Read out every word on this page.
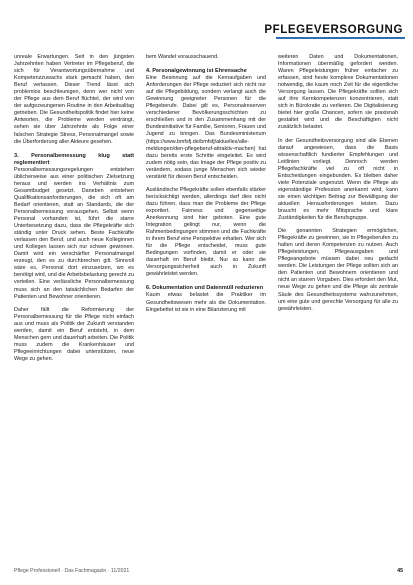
PFLEGEVERSORGUNG

unreale Erwartungen. Seit in den jüngsten Jahrzehnten haben Vertreter im Pflegeberuf, die sich für Verantwortungsübernahme und Kompetenzzuwachs stark gemacht haben, den Beruf verlassen. Dieser Trend lässt sich problemlos beschleunigen, denn wer nicht von der Pflege aus dem Beruf flüchtet, der wird von der aufgezwungenen Routine in den Arbeitsalltag getrieben. Die Gesundheitspolitik findet hier keine Antworten, die Probleme werden verdrängt, sehen sie über Jahrzehnte als Folge einer falschen Strategie Stress, Personalmangel sowie die Überforderung aller Akteure gesehen.

3. Personalbemessung klug statt reglementiert

Personalbemessungsregelungen entstehen üblicherweise aus einer politischen Zielsetzung heraus und werden ins Verhältnis zum Gesamtbudget gesetzt. Daneben entstehen Qualifikationsanforderungen, die sich oft am Bedarf orientieren, statt an Standards, die der Personalbemessung vorausgehen. Selbst wenn Personal vorhanden ist, führt die starre Unterbesetzung dazu, dass die Pflegekräfte sich ständig unter Druck sehen. Beste Fachkräfte verlassen den Beruf, und auch neue Kolleginnen und Kollegen lassen sich nur schwer gewinnen. Damit wird ein verschärfter Personalmangel erzeugt, den es zu durchbrechen gilt. Sinnvoll wäre es, Personal dort einzusetzen, wo es benötigt wird, und die Arbeitsbelastung gerecht zu verteilen. Eine verlässliche Personalbemessung muss sich an den tatsächlichen Bedarfen der Patienten und Bewohner orientieren.

Daher fällt die Reformierung der Personalbemessung für die Pflege nicht einfach aus und muss als Politik der Zukunft verstanden werden, damit ein Beruf entsteht, in dem Menschen gern und dauerhaft arbeiten. Die Politik muss zudem die Krankenhäuser und Pflegeeinrichtungen dabei unterstützen, neue Wege zu gehen.

bem Wandel vorausschauend.

4. Personalgewinnung ist Ehrensache

Eine Besinnung auf die Kernaufgaben und Anforderungen der Pflege reduziert sich nicht nur auf die Pflegebildung, sondern verlangt auch die Gewinnung geeigneter Personen für die Pflegeberufe. Dabei gilt es, Personalreserven verschiedener Bevölkerungsschichten zu erschließen und in den Zusammenhang mit der Bundesinitiative für Familie, Senioren, Frauen und Jugend zu bringen. Das Bundesministerium (https://www.bmfsfj.de/bmfsfj/aktuelles/alle-meldungen/den-pflegeberuf-attraktiv-machen) hat dazu bereits erste Schritte eingeleitet. Es wird zudem nötig sein, das Image der Pflege positiv zu verändern, sodass junge Menschen sich wieder verstärkt für diesen Beruf entscheiden.

Ausländische Pflegekräfte sollen ebenfalls stärker berücksichtigt werden, allerdings darf dies nicht dazu führen, dass man die Probleme der Pflege exportiert. Fairness und gegenseitige Anerkennung sind hier geboten. Eine gute Integration gelingt nur, wenn die Rahmenbedingungen stimmen und die Fachkräfte in ihrem Beruf eine Perspektive erhalten. Wer sich für die Pflege entscheidet, muss gute Bedingungen vorfinden, damit er oder sie dauerhaft im Beruf bleibt. Nur so kann die Versorgungssicherheit auch in Zukunft gewährleistet werden.

6. Dokumentation und Datenmüll reduzieren

Kaum etwas belastet die Praktiker im Gesundheitswesen mehr als die Dokumentation. Eingebettet ist sie in eine Bilanzierung mit

weiteren Daten und Dokumentationen, Informationen übermäßig gefordert werden. Waren Pflegeleistungen früher einfacher zu erfassen, sind heute komplexe Dokumentationen notwendig, die kaum noch Zeit für die eigentliche Versorgung lassen. Die Pflegekräfte sollten sich auf ihre Kernkompetenzen konzentrieren, statt sich in Bürokratie zu verlieren. Die Digitalisierung bietet hier große Chancen, sofern sie praxisnah gestaltet wird und die Beschäftigten nicht zusätzlich belastet.

In der Gesundheitsversorgung sind alle Ebenen darauf angewiesen, dass die Basis wissenschaftlich fundierter Empfehlungen und Leitlinien vorliegt. Dennoch werden Pflegefachkräfte viel zu oft nicht in Entscheidungen eingebunden. Es bleiben daher viele Potenziale ungenutzt. Wenn die Pflege als eigenständige Profession anerkannt wird, kann sie einen wichtigen Beitrag zur Bewältigung der aktuellen Herausforderungen leisten. Dazu braucht es mehr Mitsprache und klare Zuständigkeiten für die Berufsgruppe.

Die genannten Strategien ermöglichen, Pflegekräfte zu gewinnen, sie in Pflegeberufen zu halten und deren Kompetenzen zu nutzen. Auch Pflegeleistungen, Pflegeausgaben und Pflegeangebote müssen dabei neu gedacht werden. Die Leistungen der Pflege sollten sich an den Patienten und Bewohnern orientieren und nicht an starren Vorgaben. Dies erfordert den Mut, neue Wege zu gehen und die Pflege als zentrale Säule des Gesundheitssystems wahrzunehmen, um eine gute und gerechte Versorgung für alle zu gewährleisten.

Pflege Professionell · Das Fachmagazin · 11/2021	45
